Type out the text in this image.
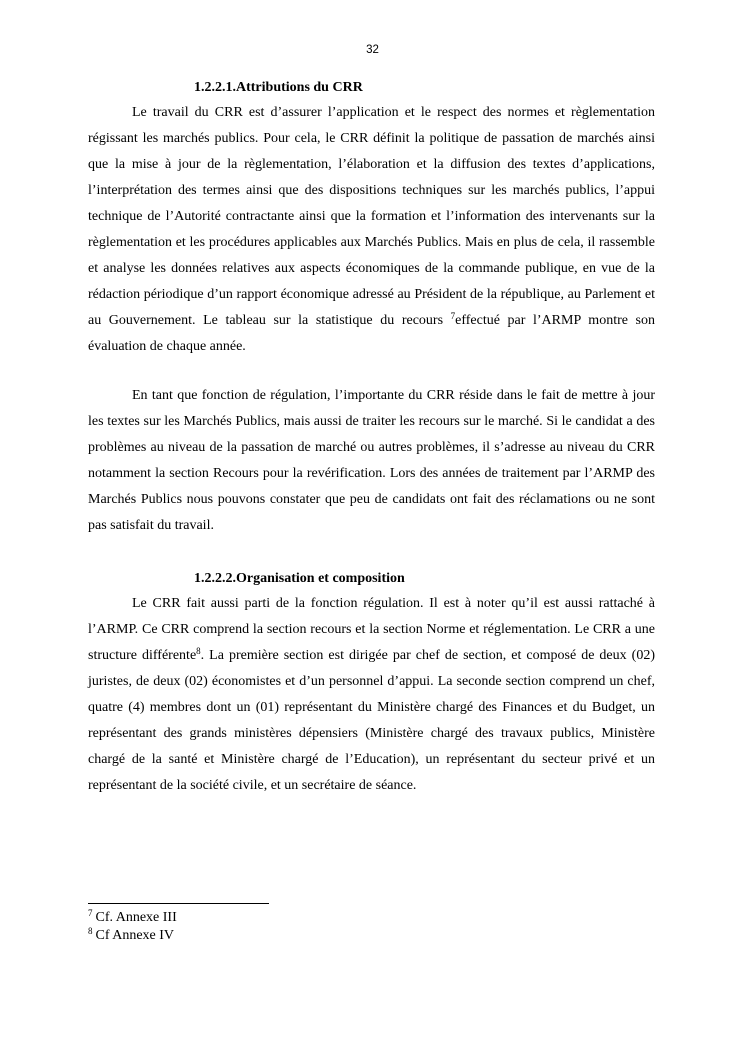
32
1.2.2.1.Attributions du CRR

Le travail du CRR est d’assurer l’application et le respect des normes et règlementation régissant les marchés publics. Pour cela, le CRR définit la politique de passation de marchés ainsi que la mise à jour de la règlementation, l’élaboration et la diffusion des textes d’applications, l’interprétation des termes ainsi que des dispositions techniques sur les marchés publics, l’appui technique de l’Autorité contractante ainsi que la formation et l’information des intervenants sur la règlementation et les procédures applicables aux Marchés Publics. Mais en plus de cela, il rassemble et analyse les données relatives aux aspects économiques de la commande publique, en vue de la rédaction périodique d’un rapport économique adressé au Président de la république, au Parlement et au Gouvernement. Le tableau sur la statistique du recours $^7$effectué par l’ARMP montre son évaluation de chaque année.

En tant que fonction de régulation, l’importante du CRR réside dans le fait de mettre à jour les textes sur les Marchés Publics, mais aussi de traiter les recours sur le marché. Si le candidat a des problèmes au niveau de la passation de marché ou autres problèmes, il s’adresse au niveau du CRR notamment la section Recours pour la revérification. Lors des années de traitement par l’ARMP des Marchés Publics nous pouvons constater que peu de candidats ont fait des réclamations ou ne sont pas satisfait du travail.

1.2.2.2.Organisation et composition

Le CRR fait aussi parti de la fonction régulation. Il est à noter qu’il est aussi rattaché à l’ARMP. Ce CRR comprend la section recours et la section Norme et réglementation. Le CRR a une structure différente$^8$. La première section est dirigée par chef de section, et composé de deux (02) juristes, de deux (02) économistes et d’un personnel d’appui. La seconde section comprend un chef, quatre (4) membres dont un (01) représentant du Ministère chargé des Finances et du Budget, un représentant des grands ministères dépensiers (Ministère chargé des travaux publics, Ministère chargé de la santé et Ministère chargé de l’Education), un représentant du secteur privé et un représentant de la société civile, et un secrétaire de séance.

$^7$ Cf. Annexe III
$^8$ Cf Annexe IV
